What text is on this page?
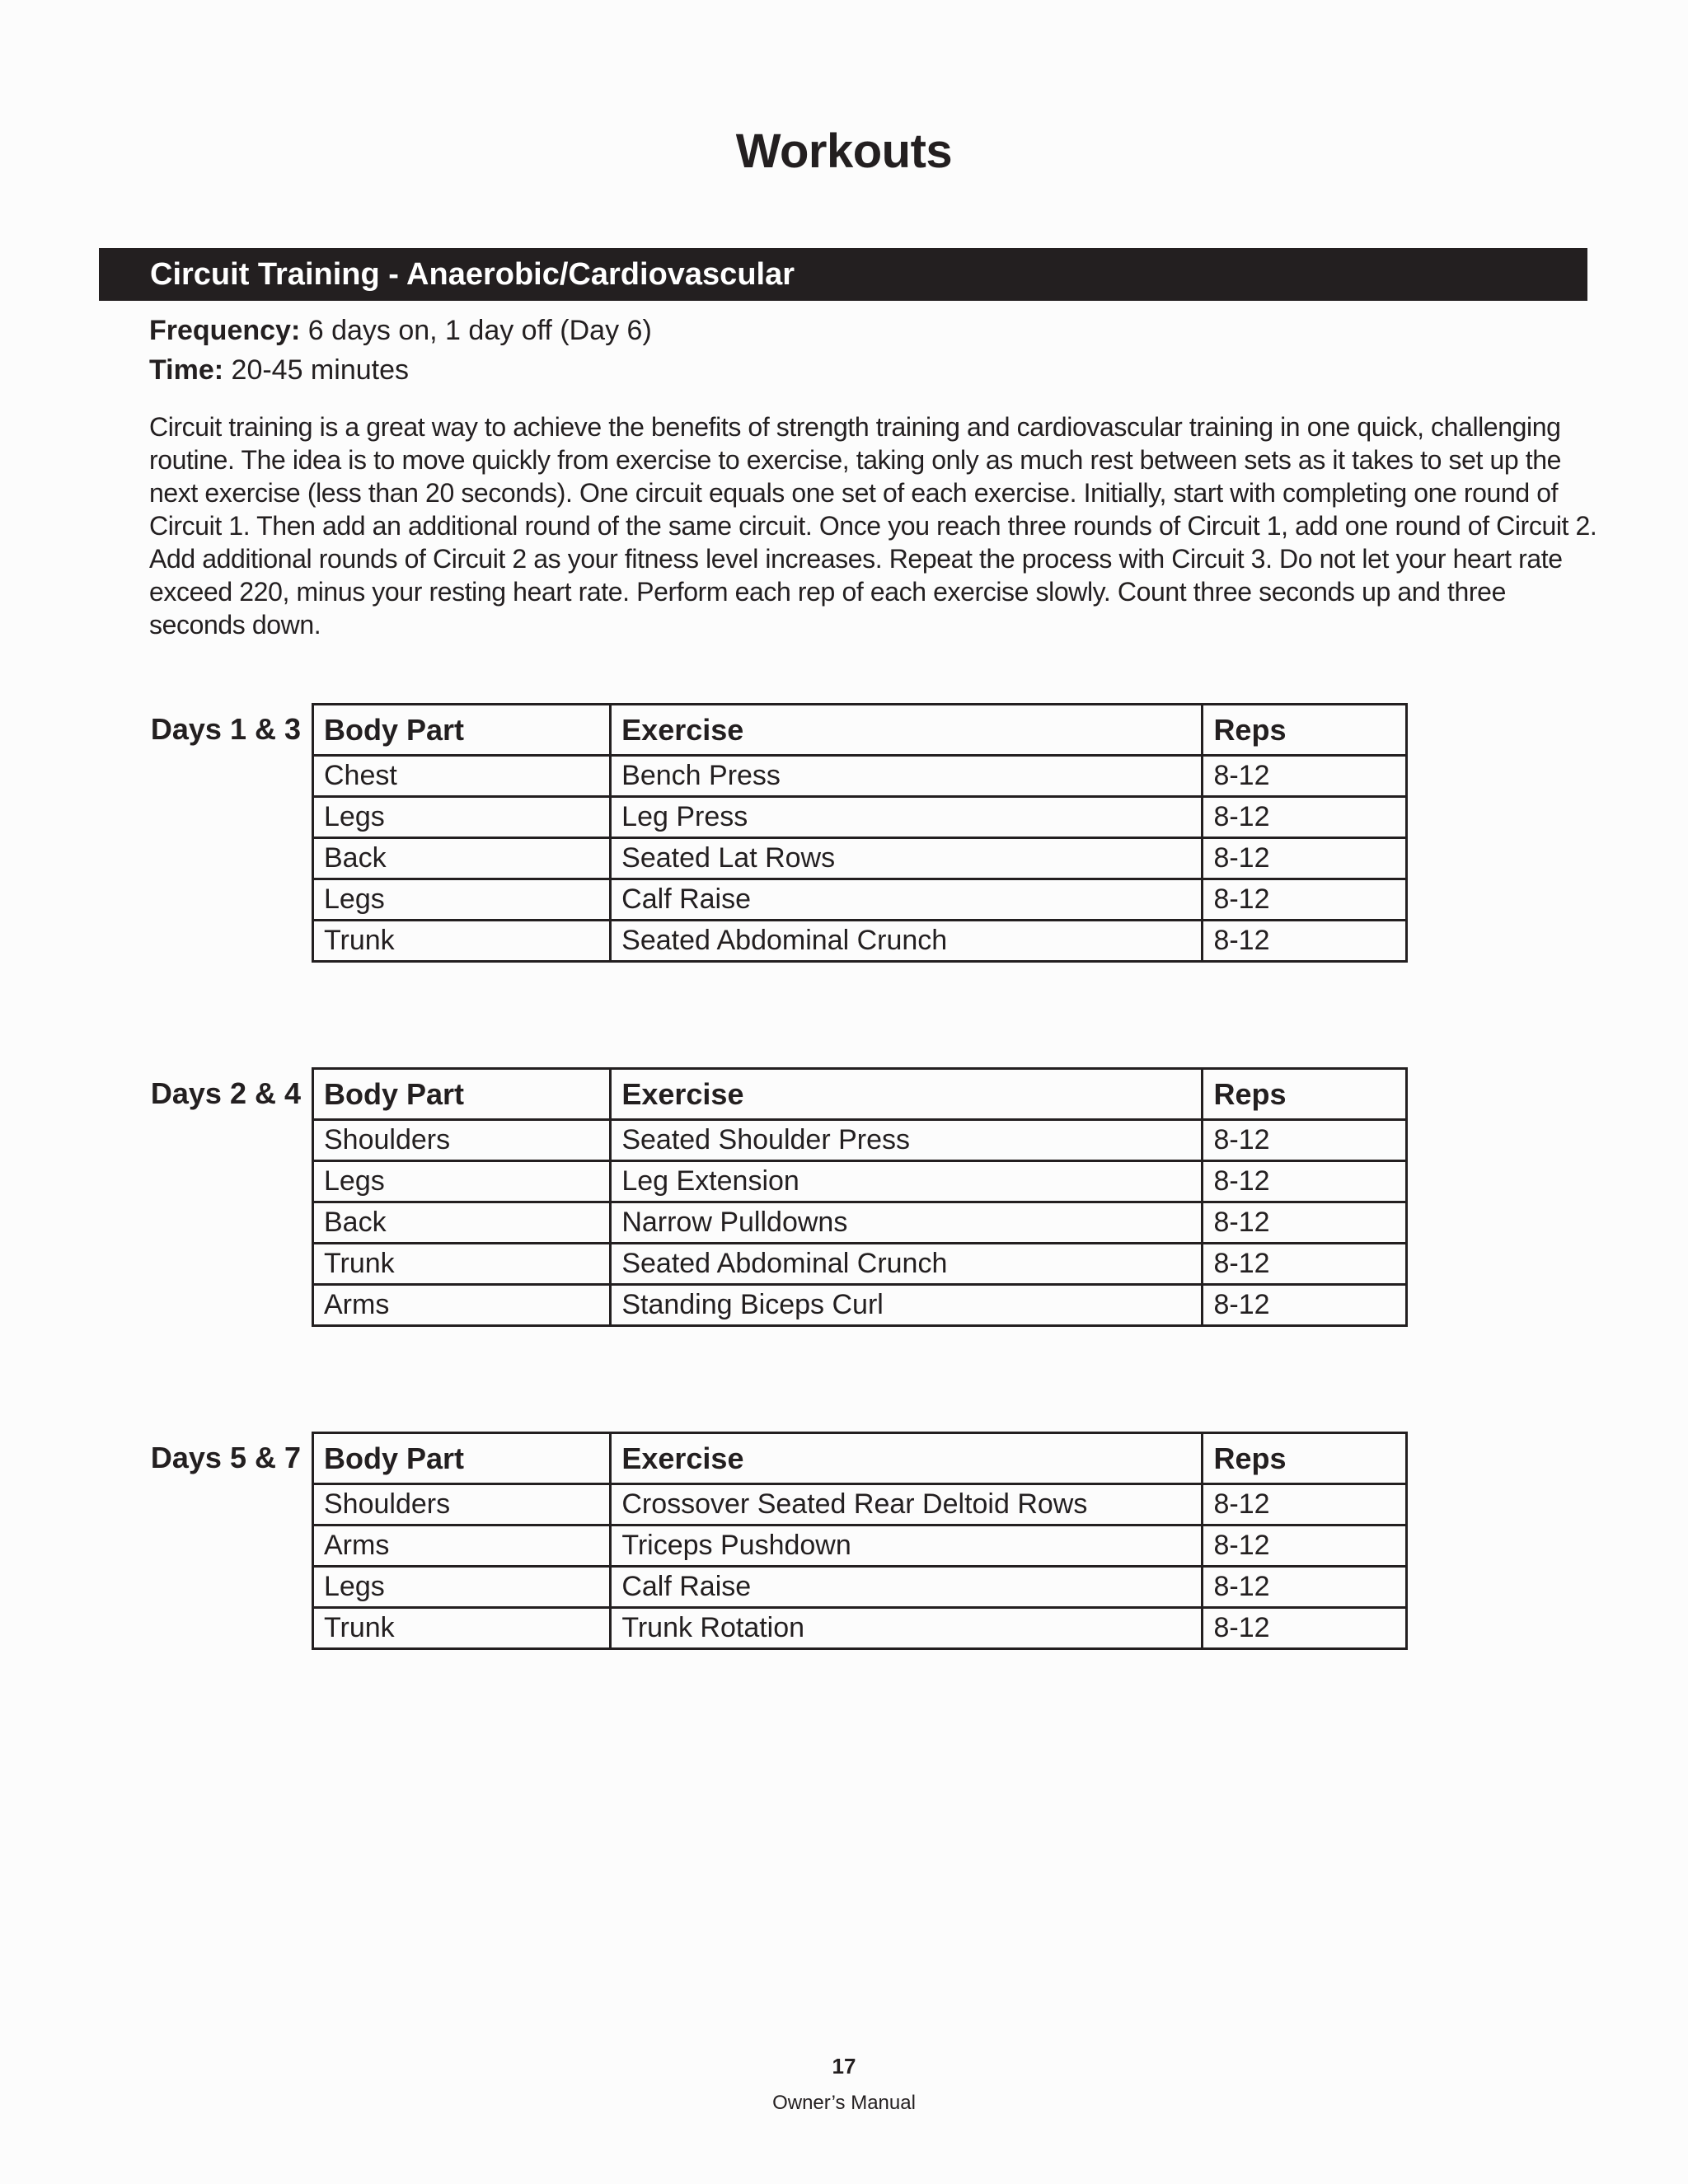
Workouts
Circuit Training - Anaerobic/Cardiovascular
Frequency: 6 days on, 1 day off (Day 6)
Time: 20-45 minutes

Circuit training is a great way to achieve the benefits of strength training and cardiovascular training in one quick, challenging routine. The idea is to move quickly from exercise to exercise, taking only as much rest between sets as it takes to set up the next exercise (less than 20 seconds). One circuit equals one set of each exercise. Initially, start with completing one round of Circuit 1. Then add an additional round of the same circuit. Once you reach three rounds of Circuit 1, add one round of Circuit 2. Add additional rounds of Circuit 2 as your fitness level increases. Repeat the process with Circuit 3. Do not let your heart rate exceed 220, minus your resting heart rate. Perform each rep of each exercise slowly. Count three seconds up and three seconds down.

Days 1 & 3 Body Part	Exercise	Reps
Chest	Bench Press	8-12
Legs	Leg Press	8-12
Back	Seated Lat Rows	8-12
Legs	Calf Raise	8-12
Trunk	Seated Abdominal Crunch	8-12
Days 2 & 4 Body Part	Exercise	Reps
Shoulders	Seated Shoulder Press	8-12
Legs	Leg Extension	8-12
Back	Narrow Pulldowns	8-12
Trunk	Seated Abdominal Crunch	8-12
Arms	Standing Biceps Curl	8-12
Days 5 & 7 Body Part	Exercise	Reps
Shoulders	Crossover Seated Rear Deltoid Rows	8-12
Arms	Triceps Pushdown	8-12
Legs	Calf Raise	8-12
Trunk	Trunk Rotation	8-12
17
Owner’s Manual
